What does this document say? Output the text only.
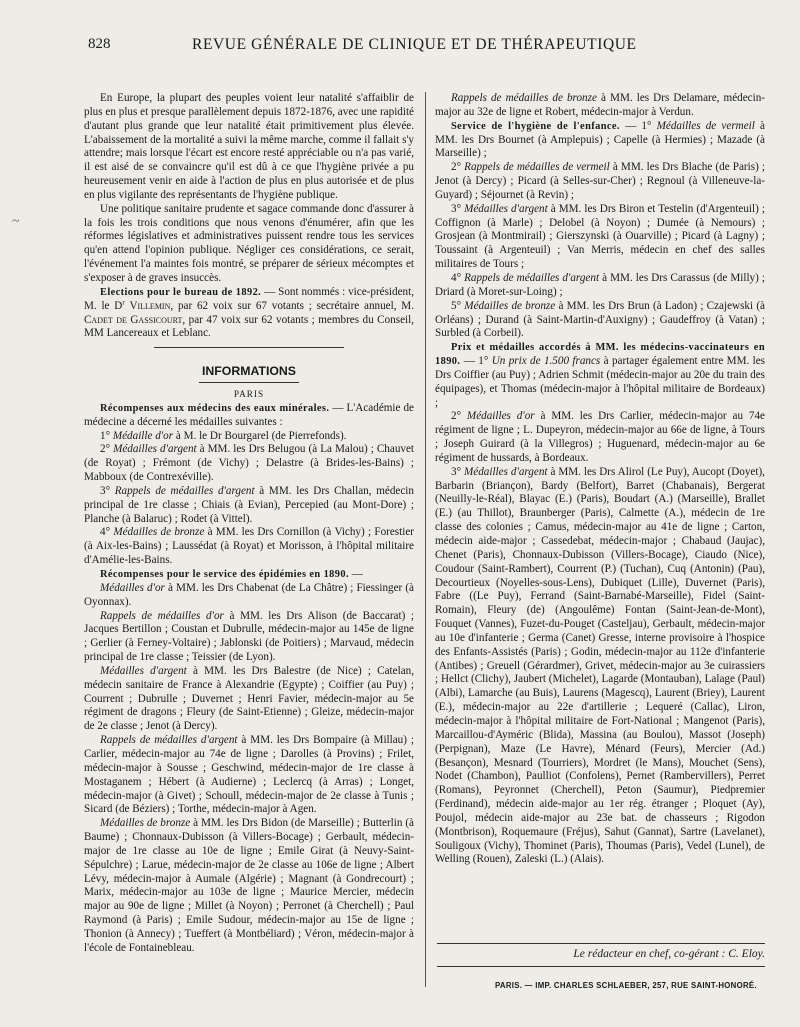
828	REVUE GÉNÉRALE DE CLINIQUE ET DE THÉRAPEUTIQUE
~

En Europe, la plupart des peuples voient leur natalité s'affaiblir de plus en plus et presque parallèlement depuis 1872-1876, avec une rapidité d'autant plus grande que leur natalité était primitivement plus élevée. L'abaissement de la mortalité a suivi la même marche, comme il fallait s'y attendre; mais lorsque l'écart est encore resté appréciable ou n'a pas varié, il est aisé de se convaincre qu'il est dû à ce que l'hygiène privée a pu heureusement venir en aide à l'action de plus en plus autorisée et de plus en plus vigilante des représentants de l'hygiène publique.

Une politique sanitaire prudente et sagace commande donc d'assurer à la fois les trois conditions que nous venons d'énumérer, afin que les réformes législatives et administratives puissent rendre tous les services qu'en attend l'opinion publique. Négliger ces considérations, ce serait, l'événement l'a maintes fois montré, se préparer de sérieux mécomptes et s'exposer à de graves insuccès.

Elections pour le bureau de 1892. — Sont nommés : vice-président, M. le $D^r$ Villemin, par 62 voix sur 67 votants ; secrétaire annuel, M. Cadet de Gassicourt, par 47 voix sur 62 votants ; membres du Conseil, MM Lancereaux et Leblanc.

INFORMATIONS

PARIS

Récompenses aux médecins des eaux minérales. — L'Académie de médecine a décerné les médailles suivantes :

1° Médaille d'or à M. le Dr Bourgarel (de Pierrefonds).

2° Médailles d'argent à MM. les Drs Belugou (à La Malou) ; Chauvet (de Royat) ; Frémont (de Vichy) ; Delastre (à Brides-les-Bains) ; Mabboux (de Contrexéville).

3° Rappels de médailles d'argent à MM. les Drs Challan, médecin principal de 1re classe ; Chiais (à Evian), Percepied (au Mont-Dore) ; Planche (à Balaruc) ; Rodet (à Vittel).

4° Médailles de bronze à MM. les Drs Cornillon (à Vichy) ; Forestier (à Aix-les-Bains) ; Laussédat (à Royat) et Morisson, à l'hôpital militaire d'Amélie-les-Bains.

Récompenses pour le service des épidémies en 1890. —

Médailles d'or à MM. les Drs Chabenat (de La Châtre) ; Fiessinger (à Oyonnax).

Rappels de médailles d'or à MM. les Drs Alison (de Baccarat) ; Jacques Bertillon ; Coustan et Dubrulle, médecin-major au 145e de ligne ; Gerlier (à Ferney-Voltaire) ; Jablonski (de Poitiers) ; Marvaud, médecin principal de 1re classe ; Teissier (de Lyon).

Médailles d'argent à MM. les Drs Balestre (de Nice) ; Catelan, médecin sanitaire de France à Alexandrie (Egypte) ; Coiffier (au Puy) ; Courrent ; Dubrulle ; Duvernet ; Henri Favier, médecin-major au 5e régiment de dragons ; Fleury (de Saint-Etienne) ; Gleize, médecin-major de 2e classe ; Jenot (à Dercy).

Rappels de médailles d'argent à MM. les Drs Bompaire (à Millau) ; Carlier, médecin-major au 74e de ligne ; Darolles (à Provins) ; Frilet, médecin-major à Sousse ; Geschwind, médecin-major de 1re classe à Mostaganem ; Hébert (à Audierne) ; Leclercq (à Arras) ; Longet, médecin-major (à Givet) ; Schoull, médecin-major de 2e classe à Tunis ; Sicard (de Béziers) ; Torthe, médecin-major à Agen.

Médailles de bronze à MM. les Drs Bidon (de Marseille) ; Butterlin (à Baume) ; Chonnaux-Dubisson (à Villers-Bocage) ; Gerbault, médecin-major de 1re classe au 10e de ligne ; Emile Girat (à Neuvy-Saint-Sépulchre) ; Larue, médecin-major de 2e classe au 106e de ligne ; Albert Lévy, médecin-major à Aumale (Algérie) ; Magnant (à Gondrecourt) ; Marix, médecin-major au 103e de ligne ; Maurice Mercier, médecin major au 90e de ligne ; Millet (à Noyon) ; Perronet (à Cherchell) ; Paul Raymond (à Paris) ; Emile Sudour, médecin-major au 15e de ligne ; Thonion (à Annecy) ; Tueffert (à Montbéliard) ; Véron, médecin-major à l'école de Fontainebleau.

Rappels de médailles de bronze à MM. les Drs Delamare, médecin-major au 32e de ligne et Robert, médecin-major à Verdun.

Service de l'hygiène de l'enfance. — 1° Médailles de vermeil à MM. les Drs Bournet (à Amplepuis) ; Capelle (à Hermies) ; Mazade (à Marseille) ;

2° Rappels de médailles de vermeil à MM. les Drs Blache (de Paris) ; Jenot (à Dercy) ; Picard (à Selles-sur-Cher) ; Regnoul (à Villeneuve-la-Guyard) ; Séjournet (à Revin) ;

3° Médailles d'argent à MM. les Drs Biron et Testelin (d'Argenteuil) ; Coffignon (à Marle) ; Delobel (à Noyon) ; Dumée (à Nemours) ; Grosjean (à Montmirail) ; Gierszynski (à Ouarville) ; Picard (à Lagny) ; Toussaint (à Argenteuil) ; Van Merris, médecin en chef des salles militaires de Tours ;

4° Rappels de médailles d'argent à MM. les Drs Carassus (de Milly) ; Driard (à Moret-sur-Loing) ;

5° Médailles de bronze à MM. les Drs Brun (à Ladon) ; Czajewski (à Orléans) ; Durand (à Saint-Martin-d'Auxigny) ; Gaudeffroy (à Vatan) ; Surbled (à Corbeil).

Prix et médailles accordés à MM. les médecins-vaccinateurs en 1890. — 1° Un prix de 1.500 francs à partager également entre MM. les Drs Coiffier (au Puy) ; Adrien Schmit (médecin-major au 20e du train des équipages), et Thomas (médecin-major à l'hôpital militaire de Bordeaux) ;

2° Médailles d'or à MM. les Drs Carlier, médecin-major au 74e régiment de ligne ; L. Dupeyron, médecin-major au 66e de ligne, à Tours ; Joseph Guirard (à la Villegros) ; Huguenard, médecin-major au 6e régiment de hussards, à Bordeaux.

3° Médailles d'argent à MM. les Drs Alirol (Le Puy), Aucopt (Doyet), Barbarin (Briançon), Bardy (Belfort), Barret (Chabanais), Bergerat (Neuilly-le-Réal), Blayac (E.) (Paris), Boudart (A.) (Marseille), Brallet (E.) (au Thillot), Braunberger (Paris), Calmette (A.), médecin de 1re classe des colonies ; Camus, médecin-major au 41e de ligne ; Carton, médecin aide-major ; Cassedebat, médecin-major ; Chabaud (Jaujac), Chenet (Paris), Chonnaux-Dubisson (Villers-Bocage), Ciaudo (Nice), Coudour (Saint-Rambert), Courrent (P.) (Tuchan), Cuq (Antonin) (Pau), Decourtieux (Noyelles-sous-Lens), Dubiquet (Lille), Duvernet (Paris), Fabre ((Le Puy), Ferrand (Saint-Barnabé-Marseille), Fidel (Saint-Romain), Fleury (de) (Angoulême) Fontan (Saint-Jean-de-Mont), Fouquet (Vannes), Fuzet-du-Pouget (Casteljau), Gerbault, médecin-major au 10e d'infanterie ; Germa (Canet) Gresse, interne provisoire à l'hospice des Enfants-Assistés (Paris) ; Godin, médecin-major au 112e d'infanterie (Antibes) ; Greuell (Gérardmer), Grivet, médecin-major au 3e cuirassiers ; Hellct (Clichy), Jaubert (Michelet), Lagarde (Montauban), Lalage (Paul) (Albi), Lamarche (au Buis), Laurens (Magescq), Laurent (Briey), Laurent (E.), médecin-major au 22e d'artillerie ; Lequeré (Callac), Liron, médecin-major à l'hôpital militaire de Fort-National ; Mangenot (Paris), Marcaillou-d'Ayméric (Blida), Massina (au Boulou), Massot (Joseph) (Perpignan), Maze (Le Havre), Ménard (Feurs), Mercier (Ad.) (Besançon), Mesnard (Tourriers), Mordret (le Mans), Mouchet (Sens), Nodet (Chambon), Paulliot (Confolens), Pernet (Rambervillers), Perret (Romans), Peyronnet (Cherchell), Peton (Saumur), Piedpremier (Ferdinand), médecin aide-major au 1er rég. étranger ; Ploquet (Ay), Poujol, médecin aide-major au 23e bat. de chasseurs ; Rigodon (Montbrison), Roquemaure (Fréjus), Sahut (Gannat), Sartre (Lavelanet), Souligoux (Vichy), Thominet (Paris), Thoumas (Paris), Vedel (Lunel), de Welling (Rouen), Zaleski (L.) (Alais).

Le rédacteur en chef, co-gérant : C. Eloy.
PARIS. — IMP. CHARLES SCHLAEBER, 257, RUE SAINT-HONORÉ.
